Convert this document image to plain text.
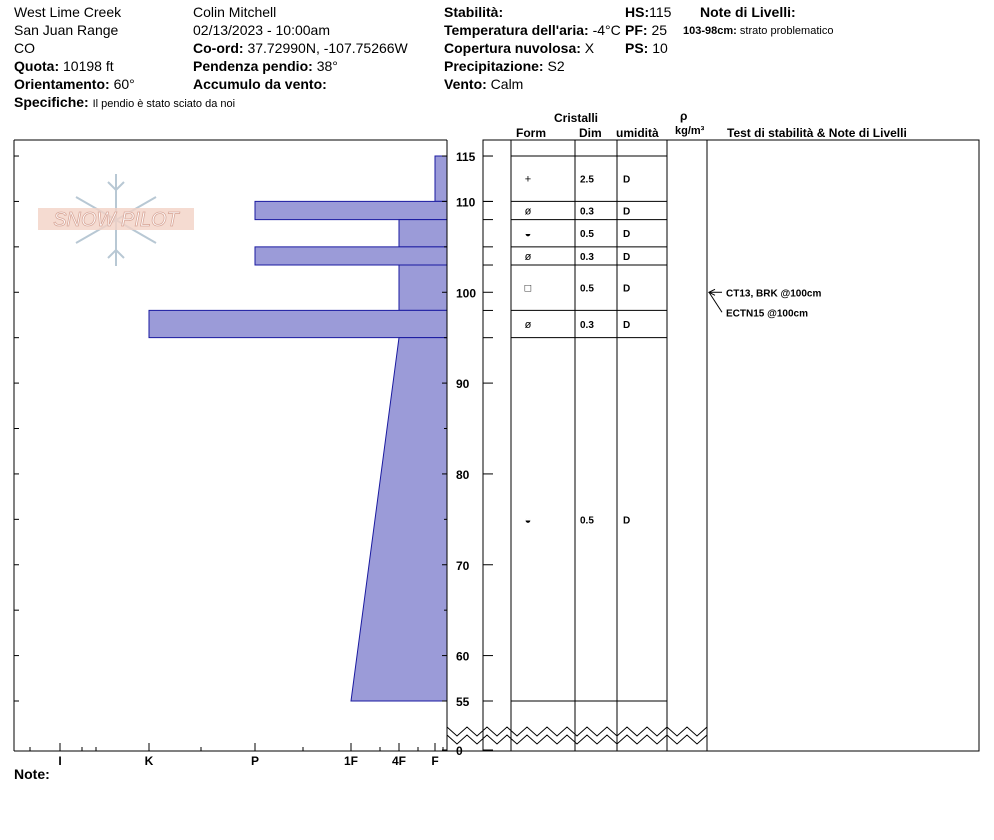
West Lime Creek
San Juan Range
CO
Quota: 10198 ft
Orientamento: 60°
Specifiche: Il pendio è stato sciato da noi
Colin Mitchell
02/13/2023 - 10:00am
Co-ord: 37.72990N, -107.75266W
Pendenza pendio: 38°
Accumulo da vento:
Stabilità:
Temperatura dell'aria: -4°C
Copertura nuvolosa: X
Precipitazione: S2
Vento: Calm
HS:115
PF: 25
PS: 10
Note di Livelli:
103-98cm: strato problematico
Cristalli
Form	Dim umidità
ρ
kg/m³ Test di stabilità & Note di Livelli
SNOW PILOT
I	K	P	1F	4F F
0
55
60
70
80
90
100
110
115
+	2.5	D
ø	0.3	D
◒	0.5	D
ø	0.3	D
□	0.5	D
ø	0.3	D
◒	0.5	D
CT13, BRK @100cm
ECTN15 @100cm
Note:
